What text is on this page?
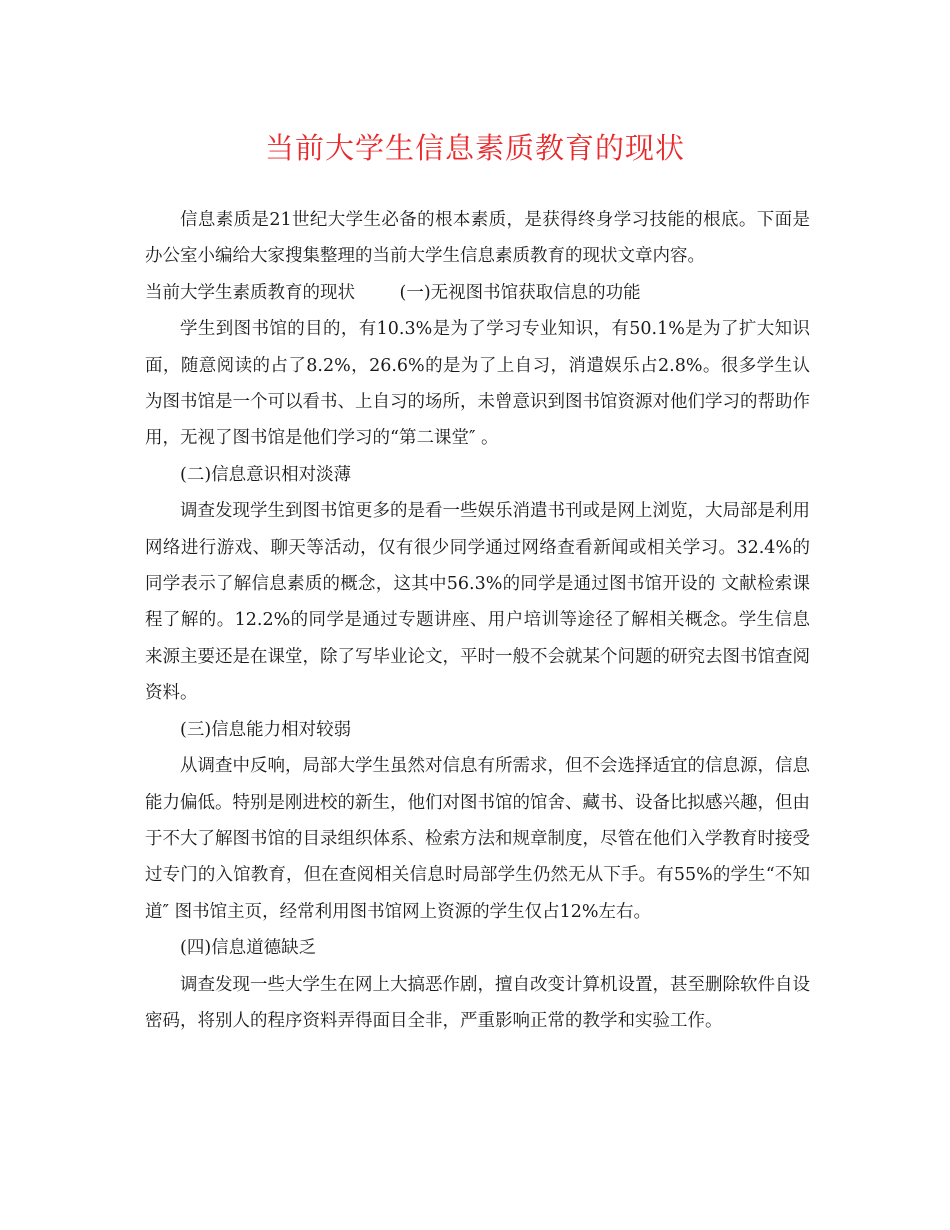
当前大学生信息素质教育的现状

信息素质是21世纪大学生必备的根本素质，是获得终身学习技能的根底。下面是办公室小编给大家搜集整理的当前大学生信息素质教育的现状文章内容。

当前大学生素质教育的现状	(一)无视图书馆获取信息的功能

学生到图书馆的目的，有10.3%是为了学习专业知识，有50.1%是为了扩大知识面，随意阅读的占了8.2%，26.6%的是为了上自习，消遣娱乐占2.8%。很多学生认为图书馆是一个可以看书、上自习的场所，未曾意识到图书馆资源对他们学习的帮助作用，无视了图书馆是他们学习的“第二课堂″ 。

(二)信息意识相对淡薄

调查发现学生到图书馆更多的是看一些娱乐消遣书刊或是网上浏览，大局部是利用网络进行游戏、聊天等活动，仅有很少同学通过网络查看新闻或相关学习。32.4%的同学表示了解信息素质的概念，这其中56.3%的同学是通过图书馆开设的 文献检索课程了解的。12.2%的同学是通过专题讲座、用户培训等途径了解相关概念。学生信息来源主要还是在课堂，除了写毕业论文，平时一般不会就某个问题的研究去图书馆查阅资料。

(三)信息能力相对较弱

从调查中反响，局部大学生虽然对信息有所需求，但不会选择适宜的信息源，信息能力偏低。特别是刚进校的新生，他们对图书馆的馆舍、藏书、设备比拟感兴趣，但由于不大了解图书馆的目录组织体系、检索方法和规章制度，尽管在他们入学教育时接受过专门的入馆教育，但在查阅相关信息时局部学生仍然无从下手。有55%的学生“不知道″ 图书馆主页，经常利用图书馆网上资源的学生仅占12%左右。

(四)信息道德缺乏

调查发现一些大学生在网上大搞恶作剧，擅自改变计算机设置，甚至删除软件自设密码，将别人的程序资料弄得面目全非，严重影响正常的教学和实验工作。
